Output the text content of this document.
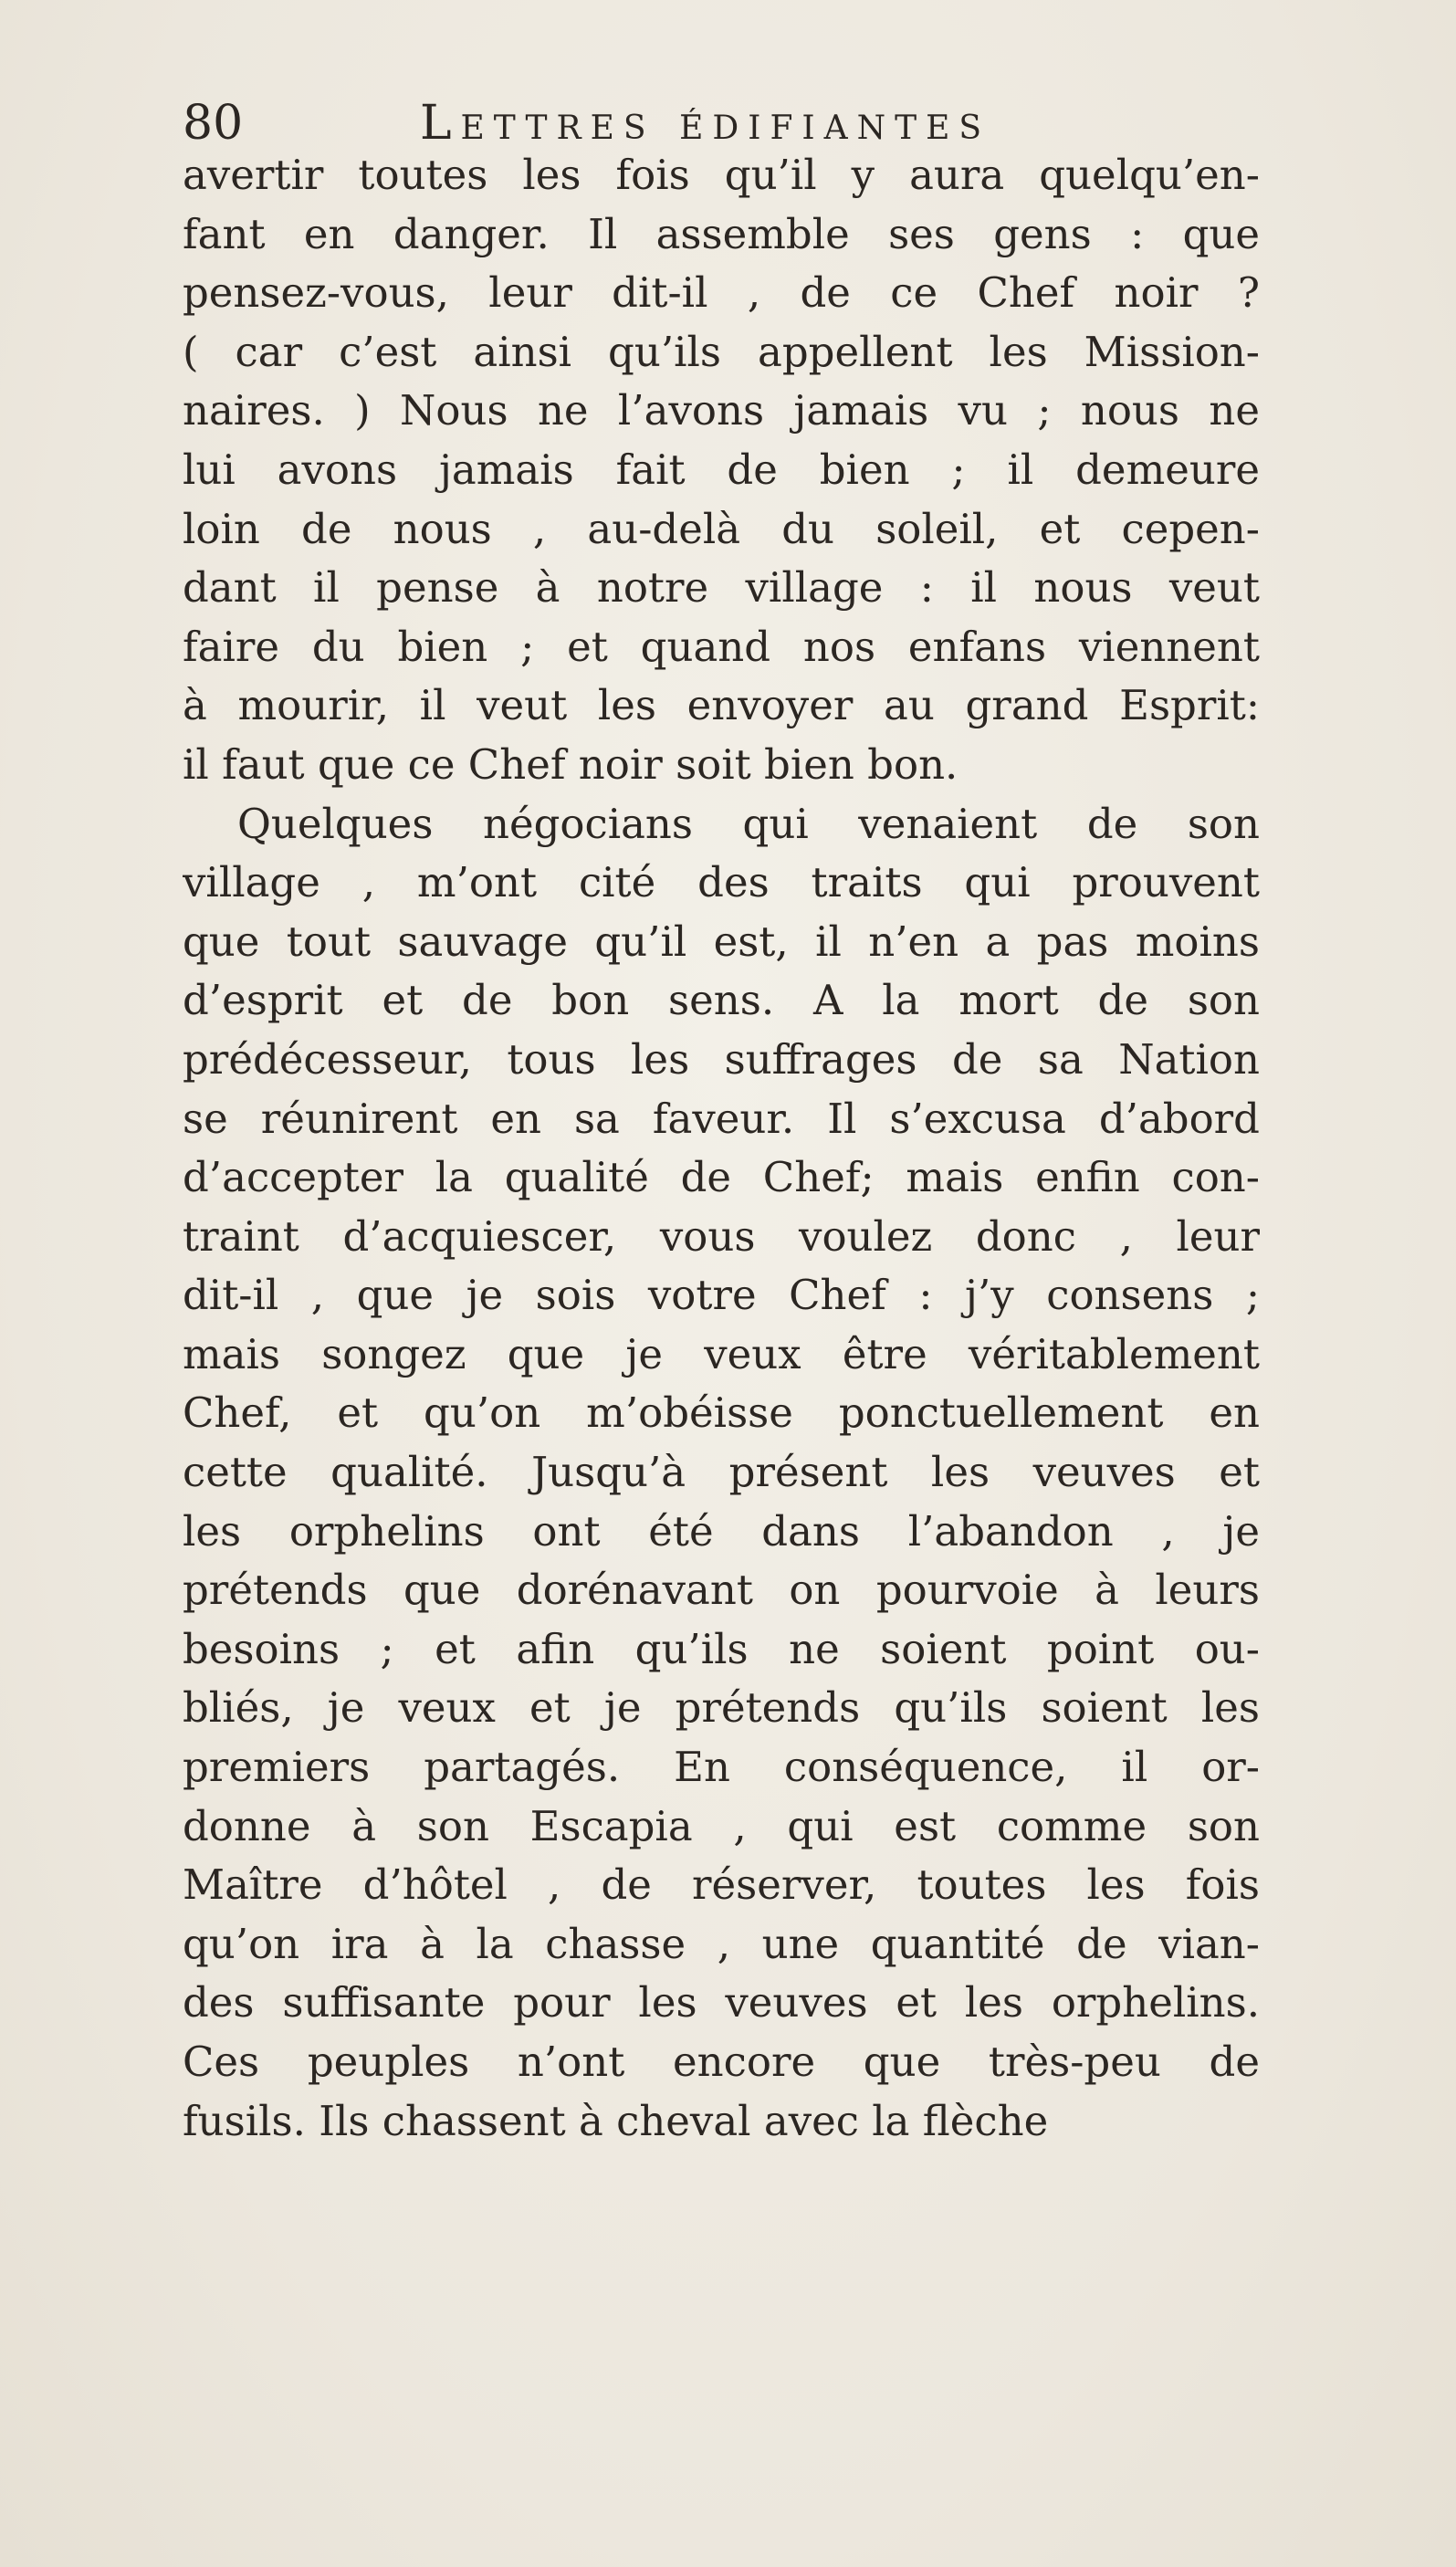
80	Lettres édifiantes
avertir toutes les fois qu’il y aura quelqu’en-
fant en danger. Il assemble ses gens : que
pensez-vous, leur dit-il , de ce Chef noir ?
( car c’est ainsi qu’ils appellent les Mission-
naires. ) Nous ne l’avons jamais vu ; nous ne
lui avons jamais fait de bien ; il demeure
loin de nous , au-delà du soleil, et cepen-
dant il pense à notre village : il nous veut
faire du bien ; et quand nos enfans viennent
à mourir, il veut les envoyer au grand Esprit:
il faut que ce Chef noir soit bien bon.
Quelques négocians qui venaient de son
village , m’ont cité des traits qui prouvent
que tout sauvage qu’il est, il n’en a pas moins
d’esprit et de bon sens. A la mort de son
prédécesseur, tous les suffrages de sa Nation
se réunirent en sa faveur. Il s’excusa d’abord
d’accepter la qualité de Chef; mais enfin con-
traint d’acquiescer, vous voulez donc , leur
dit-il , que je sois votre Chef : j’y consens ;
mais songez que je veux être véritablement
Chef, et qu’on m’obéisse ponctuellement en
cette qualité. Jusqu’à présent les veuves et
les orphelins ont été dans l’abandon , je
prétends que dorénavant on pourvoie à leurs
besoins ; et afin qu’ils ne soient point ou-
bliés, je veux et je prétends qu’ils soient les
premiers partagés. En conséquence, il or-
donne à son Escapia , qui est comme son
Maître d’hôtel , de réserver, toutes les fois
qu’on ira à la chasse , une quantité de vian-
des suffisante pour les veuves et les orphelins.
Ces peuples n’ont encore que très-peu de
fusils. Ils chassent à cheval avec la flèche
